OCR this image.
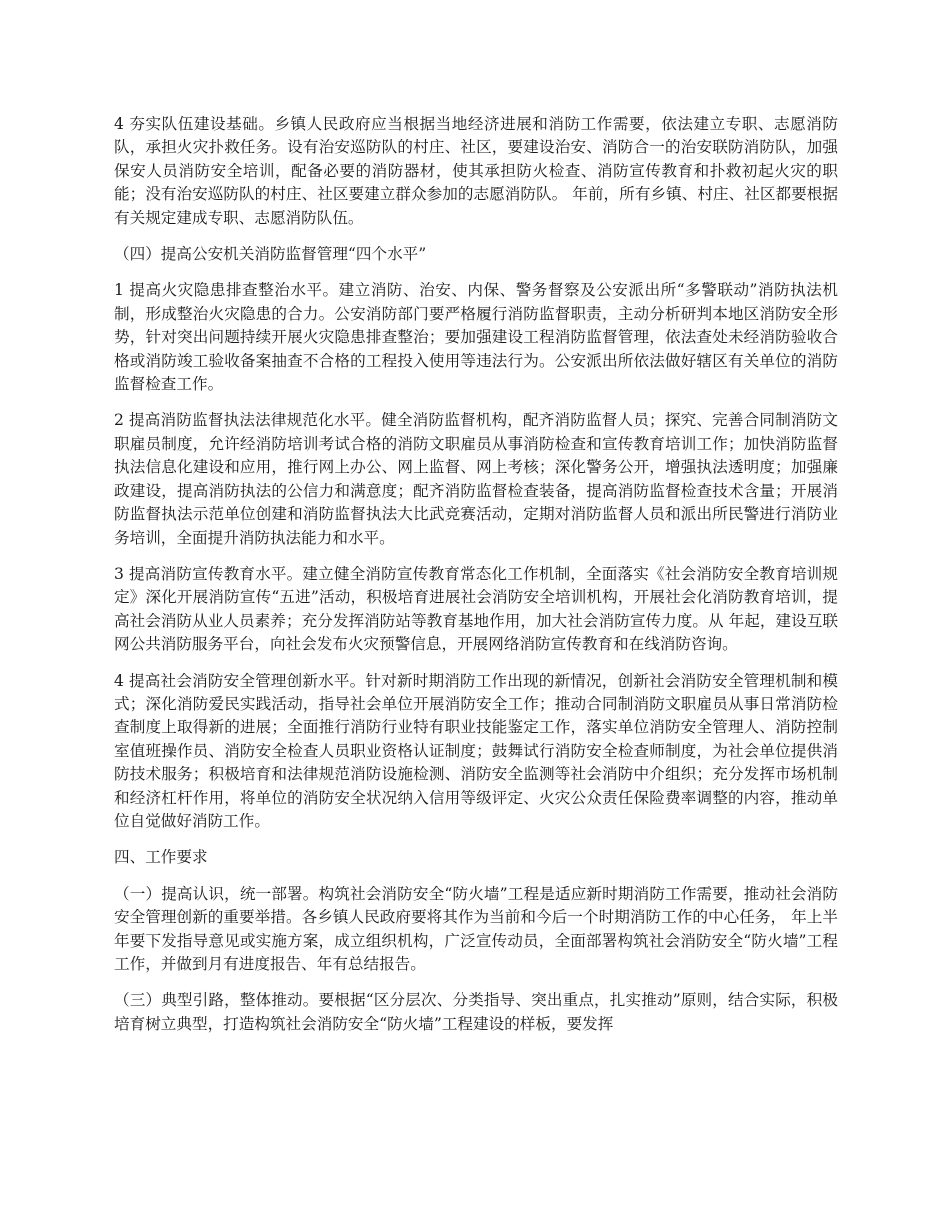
4 夯实队伍建设基础。乡镇人民政府应当根据当地经济进展和消防工作需要，依法建立专职、志愿消防队，承担火灾扑救任务。设有治安巡防队的村庄、社区，要建设治安、消防合一的治安联防消防队，加强保安人员消防安全培训，配备必要的消防器材，使其承担防火检查、消防宣传教育和扑救初起火灾的职能；没有治安巡防队的村庄、社区要建立群众参加的志愿消防队。 年前，所有乡镇、村庄、社区都要根据有关规定建成专职、志愿消防队伍。

（四）提高公安机关消防监督管理“四个水平”

1 提高火灾隐患排查整治水平。建立消防、治安、内保、警务督察及公安派出所“多警联动”消防执法机制，形成整治火灾隐患的合力。公安消防部门要严格履行消防监督职责，主动分析研判本地区消防安全形势，针对突出问题持续开展火灾隐患排查整治；要加强建设工程消防监督管理，依法查处未经消防验收合格或消防竣工验收备案抽查不合格的工程投入使用等违法行为。公安派出所依法做好辖区有关单位的消防监督检查工作。

2 提高消防监督执法法律规范化水平。健全消防监督机构，配齐消防监督人员；探究、完善合同制消防文职雇员制度，允许经消防培训考试合格的消防文职雇员从事消防检查和宣传教育培训工作；加快消防监督执法信息化建设和应用，推行网上办公、网上监督、网上考核；深化警务公开，增强执法透明度；加强廉政建设，提高消防执法的公信力和满意度；配齐消防监督检查装备，提高消防监督检查技术含量；开展消防监督执法示范单位创建和消防监督执法大比武竞赛活动，定期对消防监督人员和派出所民警进行消防业务培训，全面提升消防执法能力和水平。

3 提高消防宣传教育水平。建立健全消防宣传教育常态化工作机制，全面落实《社会消防安全教育培训规定》深化开展消防宣传“五进”活动，积极培育进展社会消防安全培训机构，开展社会化消防教育培训，提高社会消防从业人员素养；充分发挥消防站等教育基地作用，加大社会消防宣传力度。从 年起，建设互联网公共消防服务平台，向社会发布火灾预警信息，开展网络消防宣传教育和在线消防咨询。

4 提高社会消防安全管理创新水平。针对新时期消防工作出现的新情况，创新社会消防安全管理机制和模式；深化消防爱民实践活动，指导社会单位开展消防安全工作；推动合同制消防文职雇员从事日常消防检查制度上取得新的进展；全面推行消防行业特有职业技能鉴定工作，落实单位消防安全管理人、消防控制室值班操作员、消防安全检查人员职业资格认证制度；鼓舞试行消防安全检查师制度，为社会单位提供消防技术服务；积极培育和法律规范消防设施检测、消防安全监测等社会消防中介组织；充分发挥市场机制和经济杠杆作用，将单位的消防安全状况纳入信用等级评定、火灾公众责任保险费率调整的内容，推动单位自觉做好消防工作。

四、工作要求

（一）提高认识，统一部署。构筑社会消防安全“防火墙”工程是适应新时期消防工作需要，推动社会消防安全管理创新的重要举措。各乡镇人民政府要将其作为当前和今后一个时期消防工作的中心任务， 年上半年要下发指导意见或实施方案，成立组织机构，广泛宣传动员，全面部署构筑社会消防安全“防火墙”工程工作，并做到月有进度报告、年有总结报告。

（三）典型引路，整体推动。要根据“区分层次、分类指导、突出重点，扎实推动”原则，结合实际，积极培育树立典型，打造构筑社会消防安全“防火墙”工程建设的样板，要发挥
